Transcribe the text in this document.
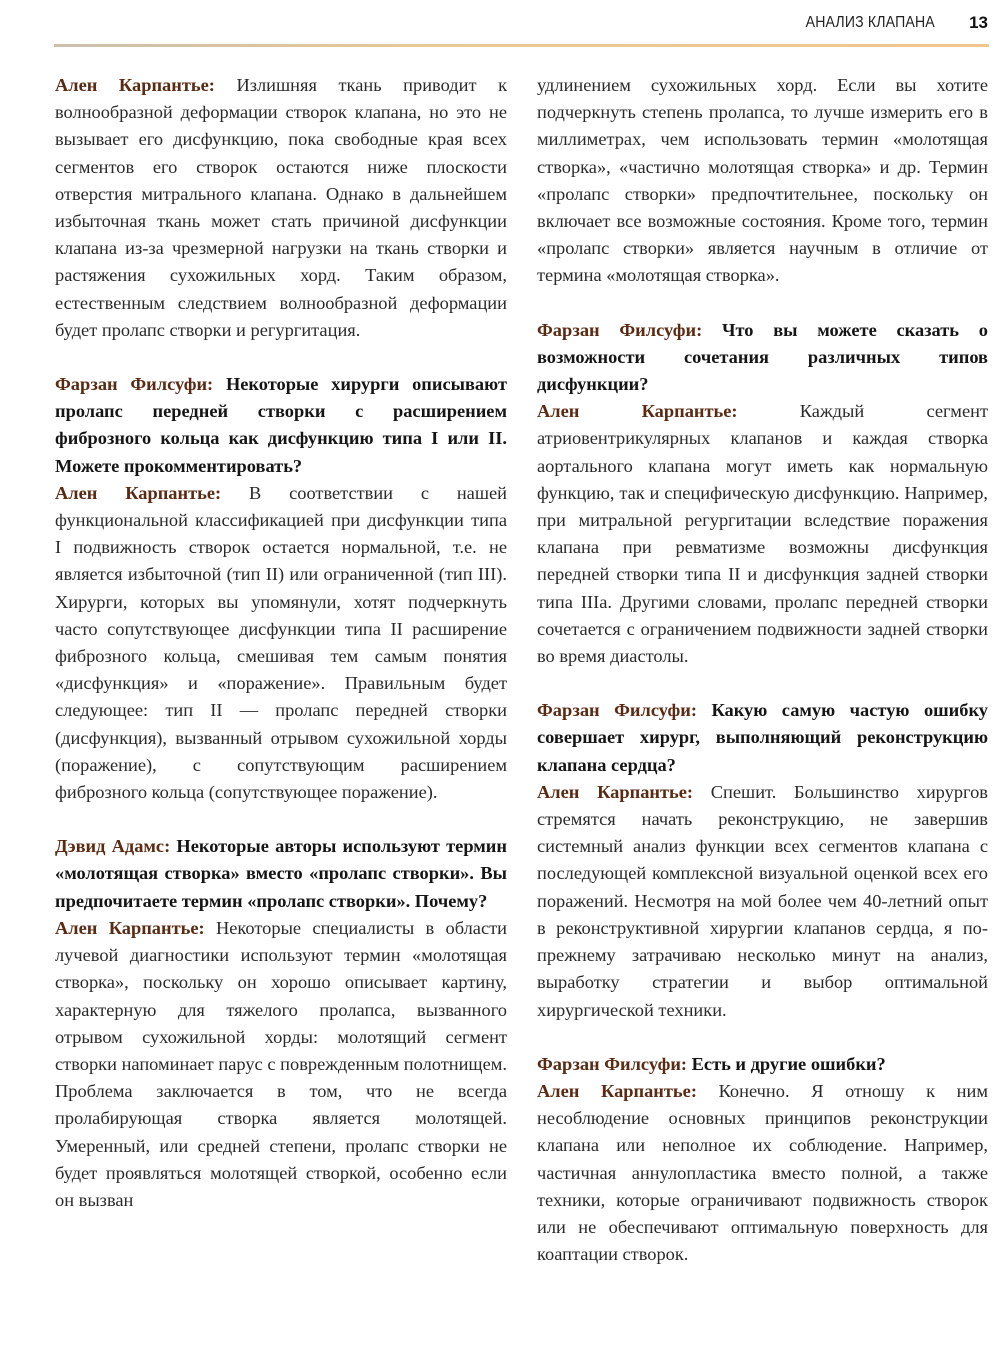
АНАЛИЗ КЛАПАНА 13

Ален Карпантье: Излишняя ткань приводит к волнообразной деформации створок клапана, но это не вызывает его дисфункцию, пока свободные края всех сегментов его створок остаются ниже плоскости отверстия митрального клапана. Однако в дальнейшем избыточная ткань может стать причиной дисфункции клапана из-за чрезмерной нагрузки на ткань створки и растяжения сухожильных хорд. Таким образом, естественным следствием волнообразной деформации будет пролапс створки и регургитация.

Фарзан Филсуфи: Некоторые хирурги описывают пролапс передней створки с расширением фиброзного кольца как дисфункцию типа I или II. Можете прокомментировать?

Ален Карпантье: В соответствии с нашей функциональной классификацией при дисфункции типа I подвижность створок остается нормальной, т.е. не является избыточной (тип II) или ограниченной (тип III). Хирурги, которых вы упомянули, хотят подчеркнуть часто сопутствующее дисфункции типа II расширение фиброзного кольца, смешивая тем самым понятия «дисфункция» и «поражение». Правильным будет следующее: тип II — пролапс передней створки (дисфункция), вызванный отрывом сухожильной хорды (поражение), с сопутствующим расширением фиброзного кольца (сопутствующее поражение).

Дэвид Адамс: Некоторые авторы используют термин «молотящая створка» вместо «пролапс створки». Вы предпочитаете термин «пролапс створки». Почему?

Ален Карпантье: Некоторые специалисты в области лучевой диагностики используют термин «молотящая створка», поскольку он хорошо описывает картину, характерную для тяжелого пролапса, вызванного отрывом сухожильной хорды: молотящий сегмент створки напоминает парус с поврежденным полотнищем. Проблема заключается в том, что не всегда пролабирующая створка является молотящей. Умеренный, или средней степени, пролапс створки не будет проявляться молотящей створкой, особенно если он вызван

удлинением сухожильных хорд. Если вы хотите подчеркнуть степень пролапса, то лучше измерить его в миллиметрах, чем использовать термин «молотящая створка», «частично молотящая створка» и др. Термин «пролапс створки» предпочтительнее, поскольку он включает все возможные состояния. Кроме того, термин «пролапс створки» является научным в отличие от термина «молотящая створка».

Фарзан Филсуфи: Что вы можете сказать о возможности сочетания различных типов дисфункции?

Ален Карпантье: Каждый сегмент атриовентрикулярных клапанов и каждая створка аортального клапана могут иметь как нормальную функцию, так и специфическую дисфункцию. Например, при митральной регургитации вследствие поражения клапана при ревматизме возможны дисфункция передней створки типа II и дисфункция задней створки типа IIIa. Другими словами, пролапс передней створки сочетается с ограничением подвижности задней створки во время диастолы.

Фарзан Филсуфи: Какую самую частую ошибку совершает хирург, выполняющий реконструкцию клапана сердца?

Ален Карпантье: Спешит. Большинство хирургов стремятся начать реконструкцию, не завершив системный анализ функции всех сегментов клапана с последующей комплексной визуальной оценкой всех его поражений. Несмотря на мой более чем 40-летний опыт в реконструктивной хирургии клапанов сердца, я по-прежнему затрачиваю несколько минут на анализ, выработку стратегии и выбор оптимальной хирургической техники.

Фарзан Филсуфи: Есть и другие ошибки?

Ален Карпантье: Конечно. Я отношу к ним несоблюдение основных принципов реконструкции клапана или неполное их соблюдение. Например, частичная аннулопластика вместо полной, а также техники, которые ограничивают подвижность створок или не обеспечивают оптимальную поверхность для коаптации створок.
